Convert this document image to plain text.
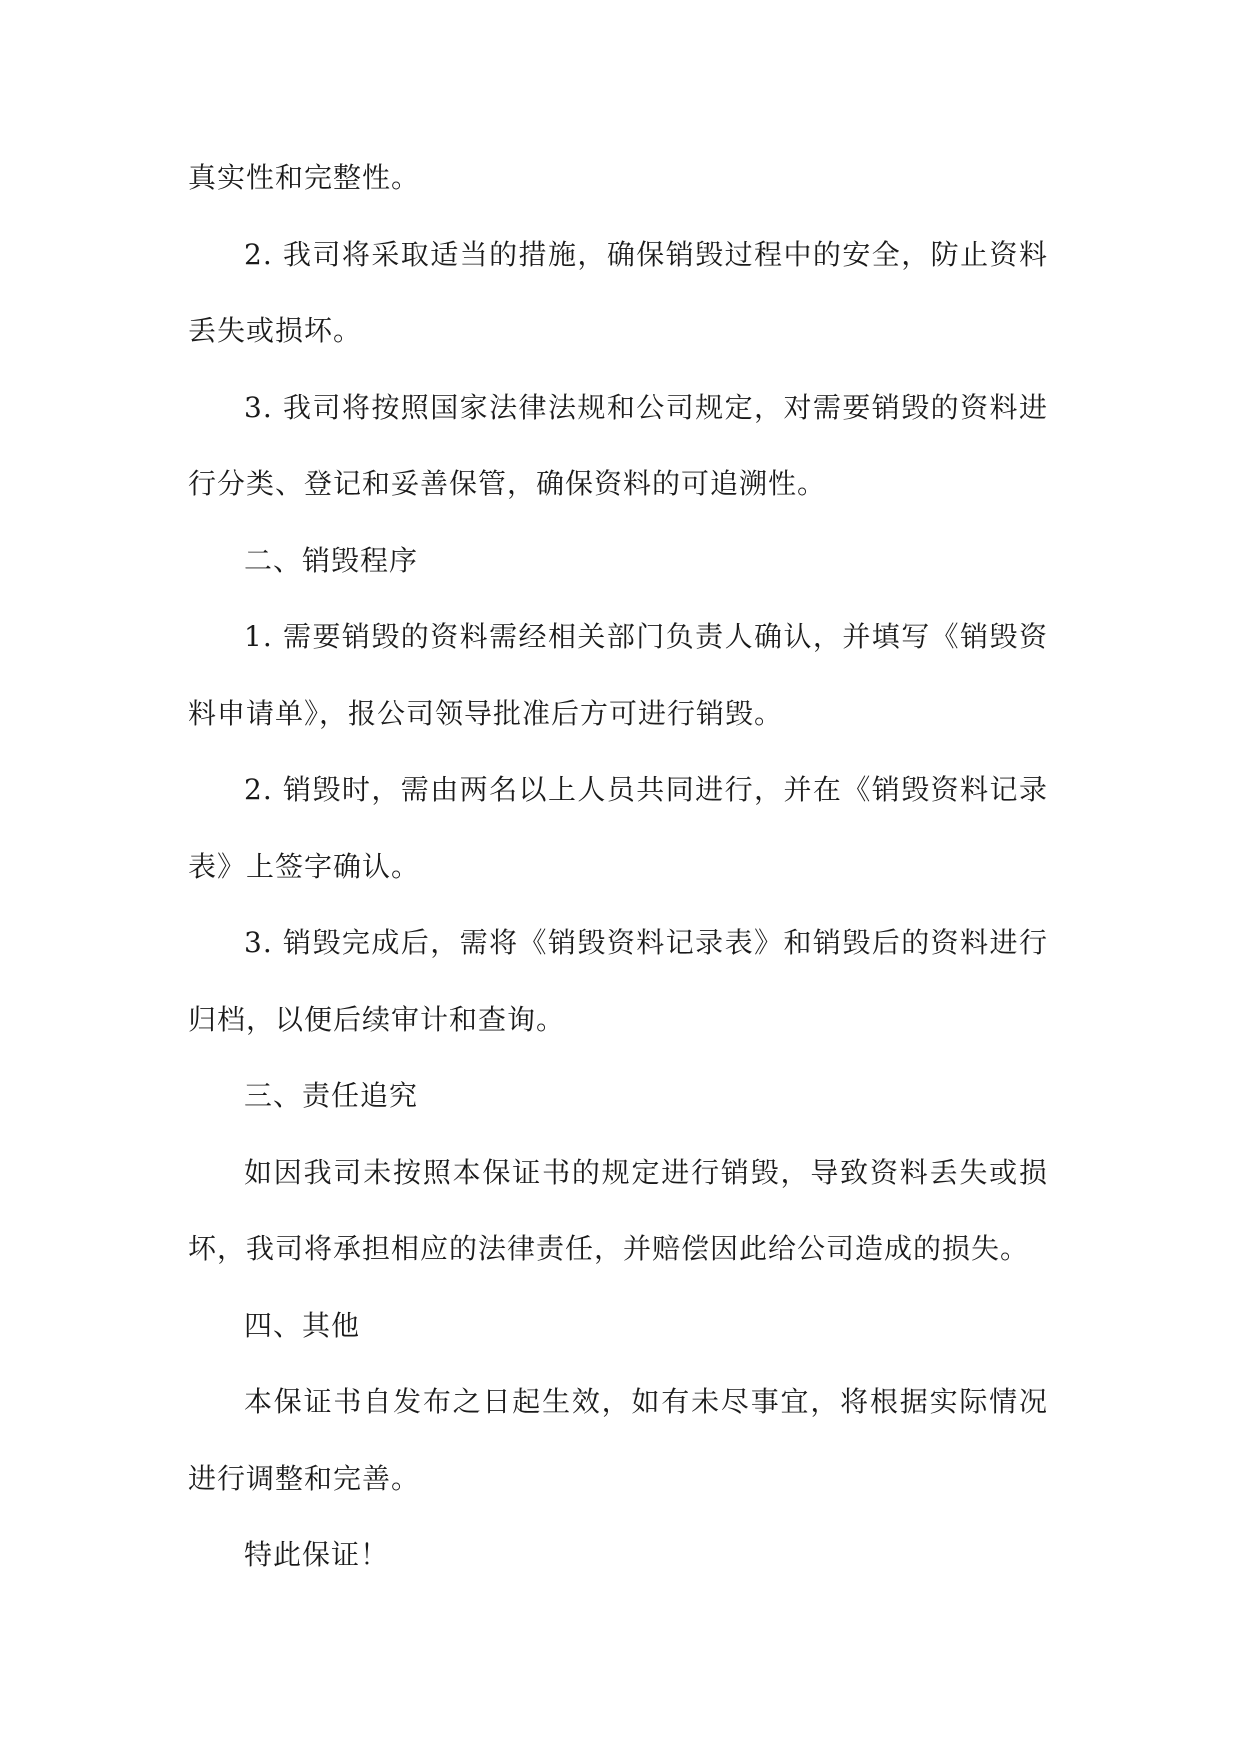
真实性和完整性。

2. 我司将采取适当的措施，确保销毁过程中的安全，防止资料丢失或损坏。

3. 我司将按照国家法律法规和公司规定，对需要销毁的资料进行分类、登记和妥善保管，确保资料的可追溯性。

二、销毁程序

1. 需要销毁的资料需经相关部门负责人确认，并填写《销毁资料申请单》，报公司领导批准后方可进行销毁。

2. 销毁时，需由两名以上人员共同进行，并在《销毁资料记录表》上签字确认。

3. 销毁完成后，需将《销毁资料记录表》和销毁后的资料进行归档，以便后续审计和查询。

三、责任追究

如因我司未按照本保证书的规定进行销毁，导致资料丢失或损坏，我司将承担相应的法律责任，并赔偿因此给公司造成的损失。

四、其他

本保证书自发布之日起生效，如有未尽事宜，将根据实际情况进行调整和完善。

特此保证！
